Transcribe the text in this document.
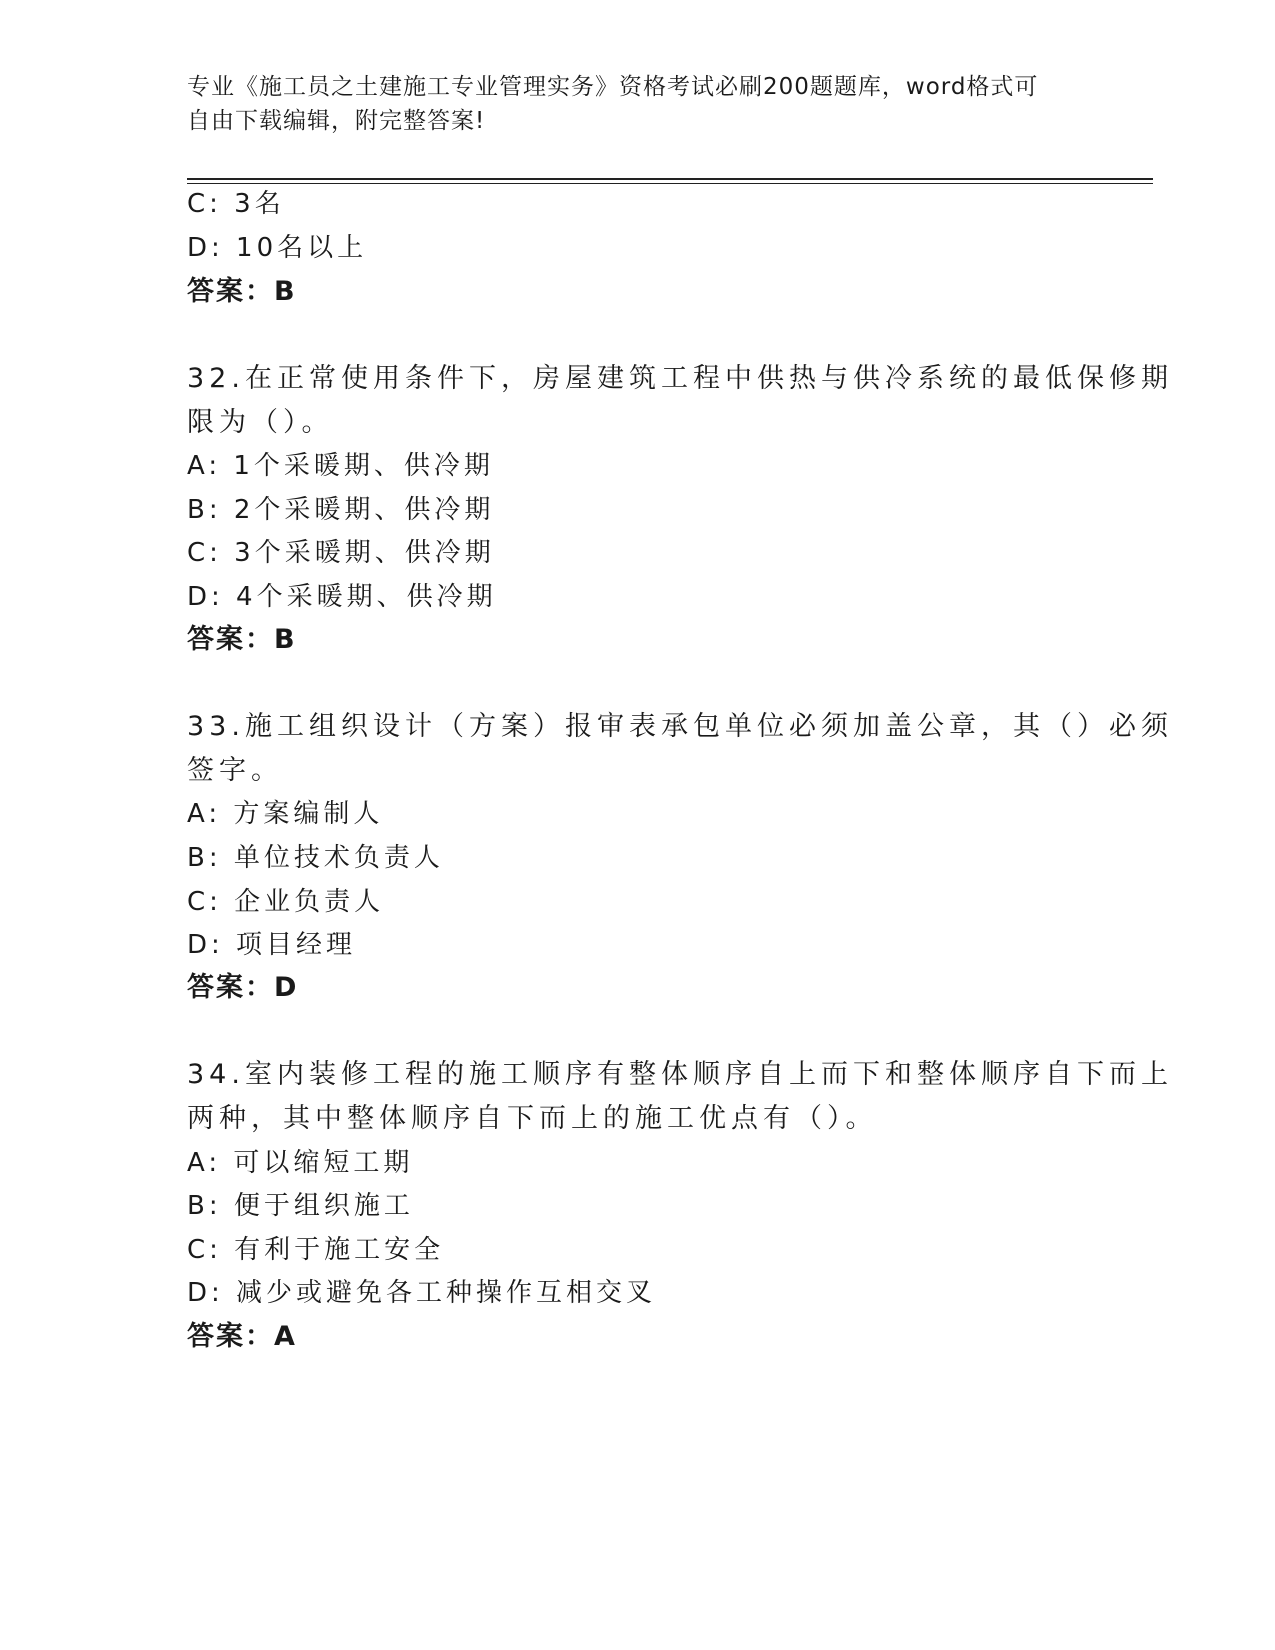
专业《施工员之土建施工专业管理实务》资格考试必刷200题题库，word格式可
自由下载编辑，附完整答案!
C: 3名
D: 10名以上
答案：B
32.在正常使用条件下，房屋建筑工程中供热与供冷系统的最低保修期
限为（）。
A: 1个采暖期、供冷期
B: 2个采暖期、供冷期
C: 3个采暖期、供冷期
D: 4个采暖期、供冷期
答案：B
33.施工组织设计（方案）报审表承包单位必须加盖公章，其（）必须
签字。
A: 方案编制人
B: 单位技术负责人
C: 企业负责人
D: 项目经理
答案：D
34.室内装修工程的施工顺序有整体顺序自上而下和整体顺序自下而上
两种，其中整体顺序自下而上的施工优点有（）。
A: 可以缩短工期
B: 便于组织施工
C: 有利于施工安全
D: 减少或避免各工种操作互相交叉
答案：A
